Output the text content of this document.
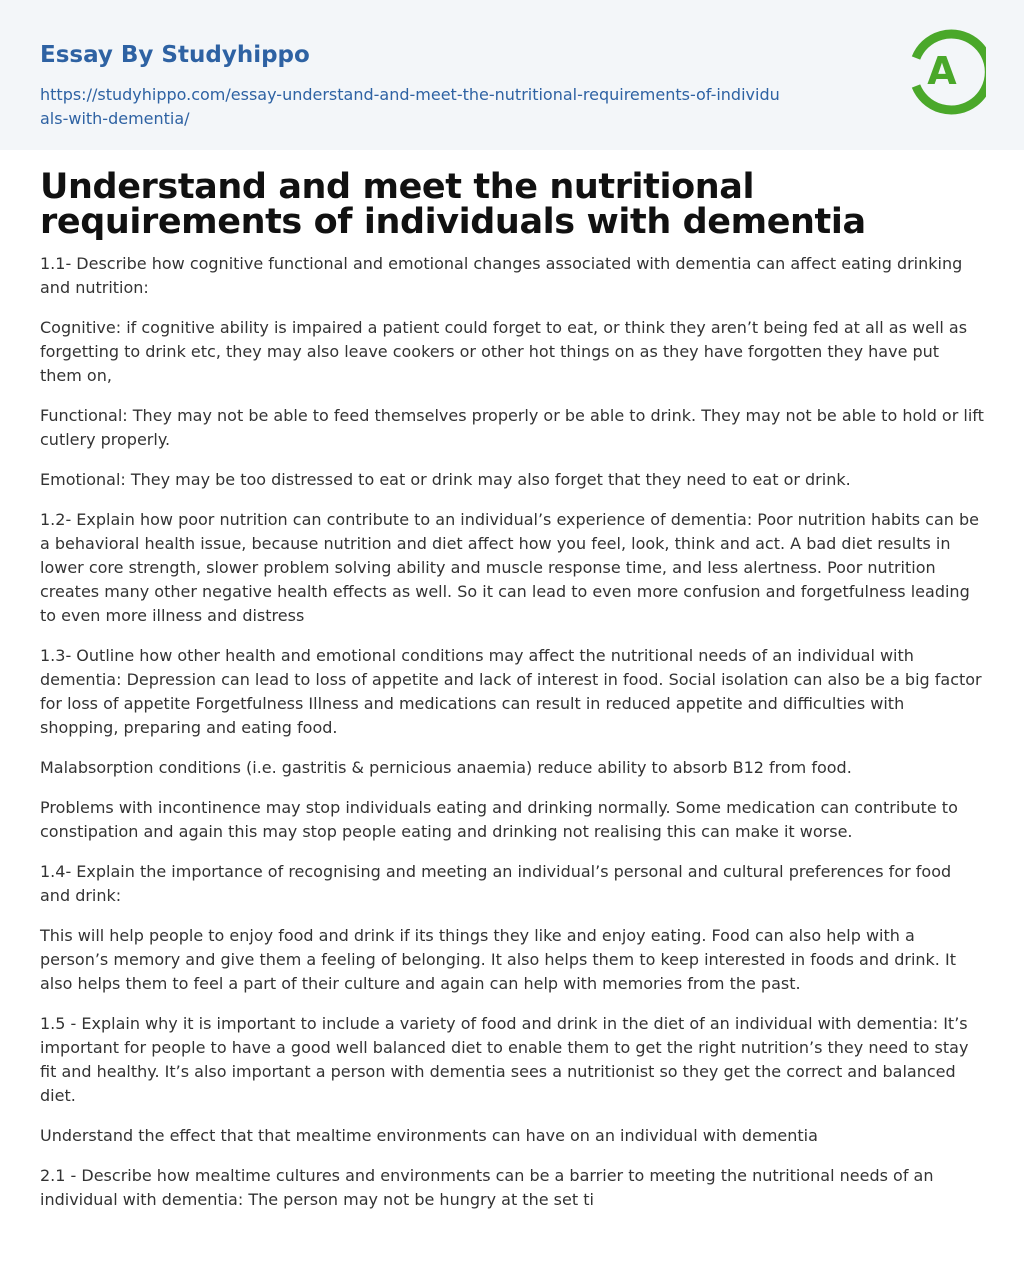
Essay By Studyhippo
https://studyhippo.com/essay-understand-and-meet-the-nutritional-requirements-of-individuals-with-dementia/
A
Understand and meet the nutritional requirements of individuals with dementia

1.1- Describe how cognitive functional and emotional changes associated with dementia can affect eating drinking and nutrition:

Cognitive: if cognitive ability is impaired a patient could forget to eat, or think they aren’t being fed at all as well as forgetting to drink etc, they may also leave cookers or other hot things on as they have forgotten they have put them on,

Functional: They may not be able to feed themselves properly or be able to drink. They may not be able to hold or lift cutlery properly.

Emotional: They may be too distressed to eat or drink may also forget that they need to eat or drink.

1.2- Explain how poor nutrition can contribute to an individual’s experience of dementia: Poor nutrition habits can be a behavioral health issue, because nutrition and diet affect how you feel, look, think and act. A bad diet results in lower core strength, slower problem solving ability and muscle response time, and less alertness. Poor nutrition creates many other negative health effects as well. So it can lead to even more confusion and forgetfulness leading to even more illness and distress

1.3- Outline how other health and emotional conditions may affect the nutritional needs of an individual with dementia: Depression can lead to loss of appetite and lack of interest in food. Social isolation can also be a big factor for loss of appetite Forgetfulness Illness and medications can result in reduced appetite and difficulties with shopping, preparing and eating food.

Malabsorption conditions (i.e. gastritis & pernicious anaemia) reduce ability to absorb B12 from food.

Problems with incontinence may stop individuals eating and drinking normally. Some medication can contribute to constipation and again this may stop people eating and drinking not realising this can make it worse.

1.4- Explain the importance of recognising and meeting an individual’s personal and cultural preferences for food and drink:

This will help people to enjoy food and drink if its things they like and enjoy eating. Food can also help with a person’s memory and give them a feeling of belonging. It also helps them to keep interested in foods and drink. It also helps them to feel a part of their culture and again can help with memories from the past.

1.5 - Explain why it is important to include a variety of food and drink in the diet of an individual with dementia: It’s important for people to have a good well balanced diet to enable them to get the right nutrition’s they need to stay fit and healthy. It’s also important a person with dementia sees a nutritionist so they get the correct and balanced diet.

Understand the effect that that mealtime environments can have on an individual with dementia

2.1 - Describe how mealtime cultures and environments can be a barrier to meeting the nutritional needs of an individual with dementia: The person may not be hungry at the set ti
